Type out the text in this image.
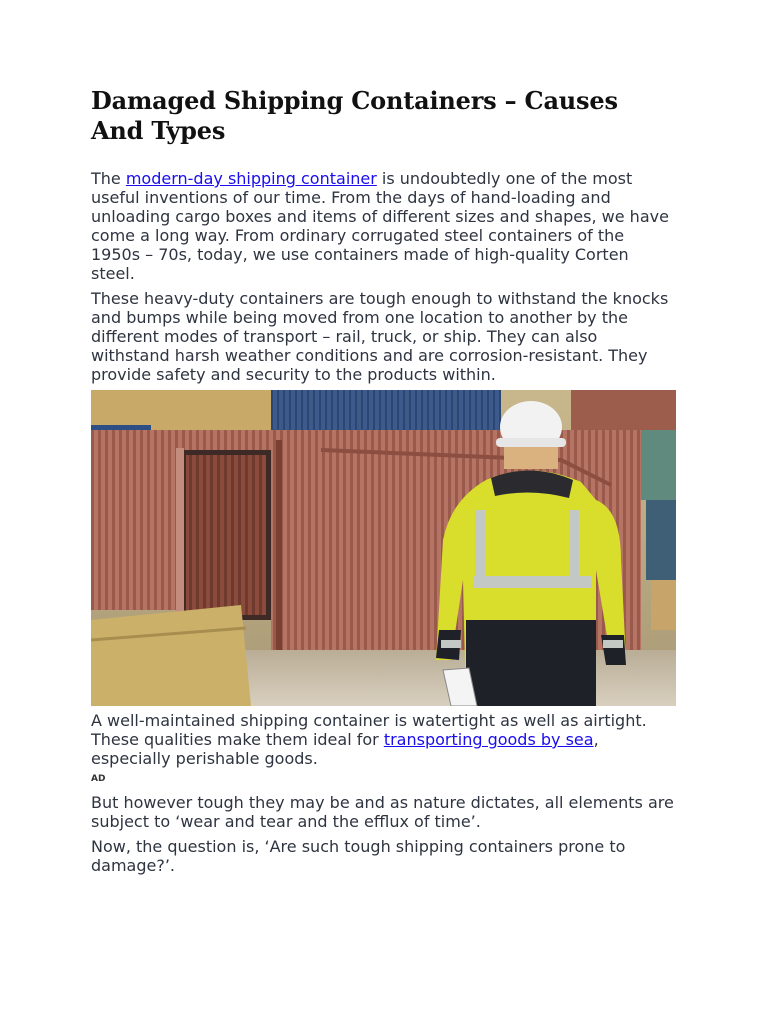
Damaged Shipping Containers – Causes And Types

The modern-day shipping container is undoubtedly one of the most useful inventions of our time. From the days of hand-loading and unloading cargo boxes and items of different sizes and shapes, we have come a long way. From ordinary corrugated steel containers of the 1950s – 70s, today, we use containers made of high-quality Corten steel.

These heavy-duty containers are tough enough to withstand the knocks and bumps while being moved from one location to another by the different modes of transport – rail, truck, or ship. They can also withstand harsh weather conditions and are corrosion-resistant. They provide safety and security to the products within.

A well-maintained shipping container is watertight as well as airtight. These qualities make them ideal for transporting goods by sea, especially perishable goods.

AD

But however tough they may be and as nature dictates, all elements are subject to ‘wear and tear and the efflux of time’.

Now, the question is, ‘Are such tough shipping containers prone to damage?’.
